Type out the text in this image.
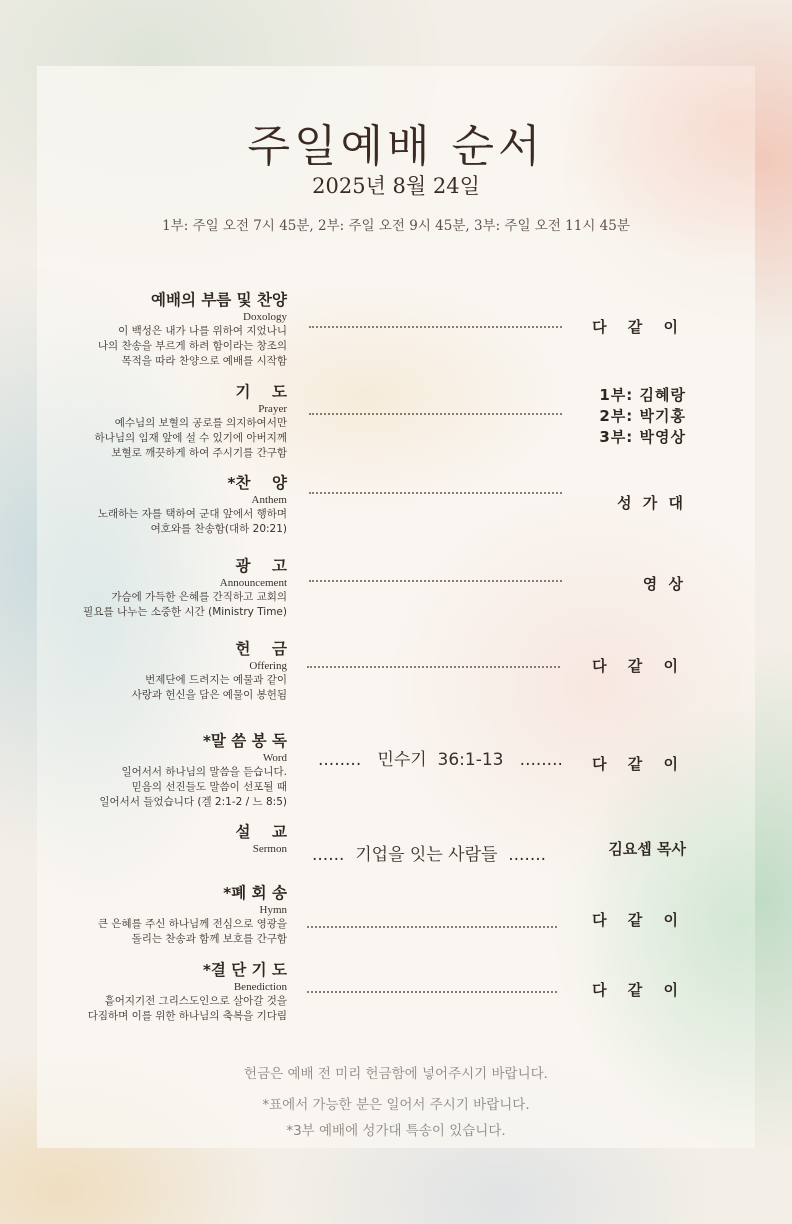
주일예배 순서
2025년 8월 24일
1부: 주일 오전 7시 45분, 2부: 주일 오전 9시 45분, 3부: 주일 오전 11시 45분
예배의 부름 및 찬양
Doxology
이 백성은 내가 나를 위하여 지었나니
나의 찬송을 부르게 하려 함이라는 창조의
목적을 따라 찬양으로 예배를 시작함
다 같 이
기    도
Prayer
예수님의 보혈의 공로를 의지하여서만
하나님의 임재 앞에 설 수 있기에 아버지께
보혈로 깨끗하게 하여 주시기를 간구함
1부: 김혜랑
2부: 박기홍
3부: 박영상
*찬    양
Anthem
노래하는 자를 택하여 군대 앞에서 행하며
여호와를 찬송함(대하 20:21)
성 가 대
광    고
Announcement
가슴에 가득한 은혜를 간직하고 교회의
필요를 나누는 소중한 시간 (Ministry Time)
영 상
헌    금
Offering
번제단에 드려지는 예물과 같이
사랑과 헌신을 담은 예물이 봉헌됨
다 같 이
*말 씀 봉 독
Word
일어서서 하나님의 말씀을 듣습니다.
믿음의 선진들도 말씀이 선포될 때
일어서서 들었습니다 (겔 2:1-2 / 느 8:5)
........   민수기  36:1-13   ........	다 같 이
설    교
Sermon ......  기업을 잇는 사람들  .......	김요셉 목사
*폐 회 송
Hymn
큰 은혜를 주신 하나님께 전심으로 영광을
돌리는 찬송과 함께 보호를 간구함
다 같 이
*결 단 기 도
Benediction
흩어지기전 그리스도인으로 살아갈 것을
다짐하며 이를 위한 하나님의 축복을 기다림
다 같 이
헌금은 예배 전 미리 헌금함에 넣어주시기 바랍니다.
*표에서 가능한 분은 일어서 주시기 바랍니다.
*3부 예배에 성가대 특송이 있습니다.
